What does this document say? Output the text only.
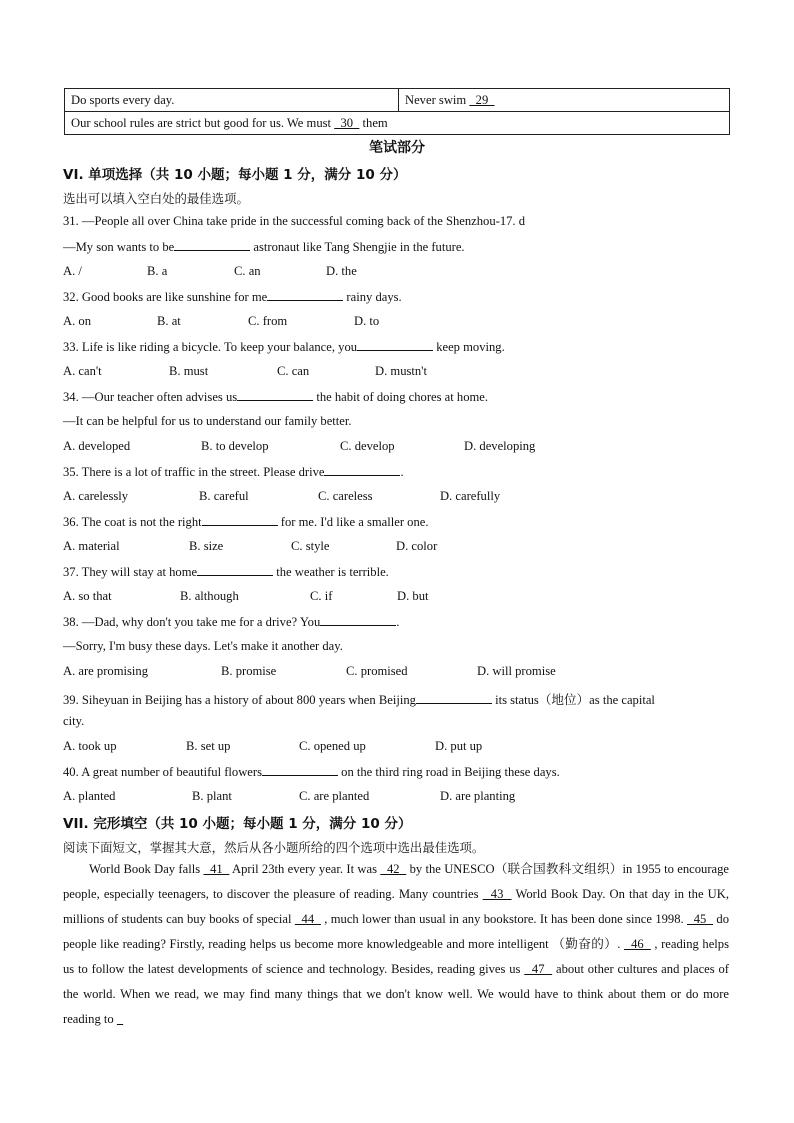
Do sports every day.	Never swim   29
Our school rules are strict but good for us. We must   30   them
笔试部分
VI. 单项选择（共 10 小题；每小题 1 分，满分 10 分）
选出可以填入空白处的最佳选项。
31. —People all over China take pride in the successful coming back of the Shenzhou-17. d
—My son wants to be	astronaut like Tang Shengjie in the future.
A. /	B. a	C. an	D. the
32. Good books are like sunshine for me	rainy days.
A. on	B. at	C. from	D. to
33. Life is like riding a bicycle. To keep your balance, you	keep moving.
A. can't	B. must	C. can	D. mustn't
34. —Our teacher often advises us	the habit of doing chores at home.
—It can be helpful for us to understand our family better.
A. developed	B. to develop	C. develop	D. developing
35. There is a lot of traffic in the street. Please drive	.
A. carelessly	B. careful	C. careless	D. carefully
36. The coat is not the right	for me. I'd like a smaller one.
A. material	B. size	C. style	D. color
37. They will stay at home	the weather is terrible.
A. so that	B. although	C. if	D. but
38. —Dad, why don't you take me for a drive? You	.
—Sorry, I'm busy these days. Let's make it another day.
A. are promising	B. promise	C. promised	D. will promise
39. Siheyuan in Beijing has a history of about 800 years when Beijing	its status（地位）as the capital
city.
A. took up	B. set up	C. opened up	D. put up
40. A great number of beautiful flowers	on the third ring road in Beijing these days.
A. planted	B. plant	C. are planted	D. are planting
VII. 完形填空（共 10 小题；每小题 1 分，满分 10 分）
阅读下面短文，掌握其大意，然后从各小题所给的四个选项中选出最佳选项。
World Book Day falls   41   April 23th every year. It was   42   by the UNESCO（联合国教科文组织）in 1955 to encourage people, especially teenagers, to discover the pleasure of reading. Many countries   43   World Book Day. On that day in the UK, millions of students can buy books of special   44   , much lower than usual in any bookstore. It has been done since 1998.   45   do people like reading? Firstly, reading helps us become more knowledgeable and more intelligent （勤奋的）.   46   , reading helps us to follow the latest developments of science and technology. Besides, reading gives us   47   about other cultures and places of the world. When we read, we may find many things that we don't know well. We would have to think about them or do more reading to
